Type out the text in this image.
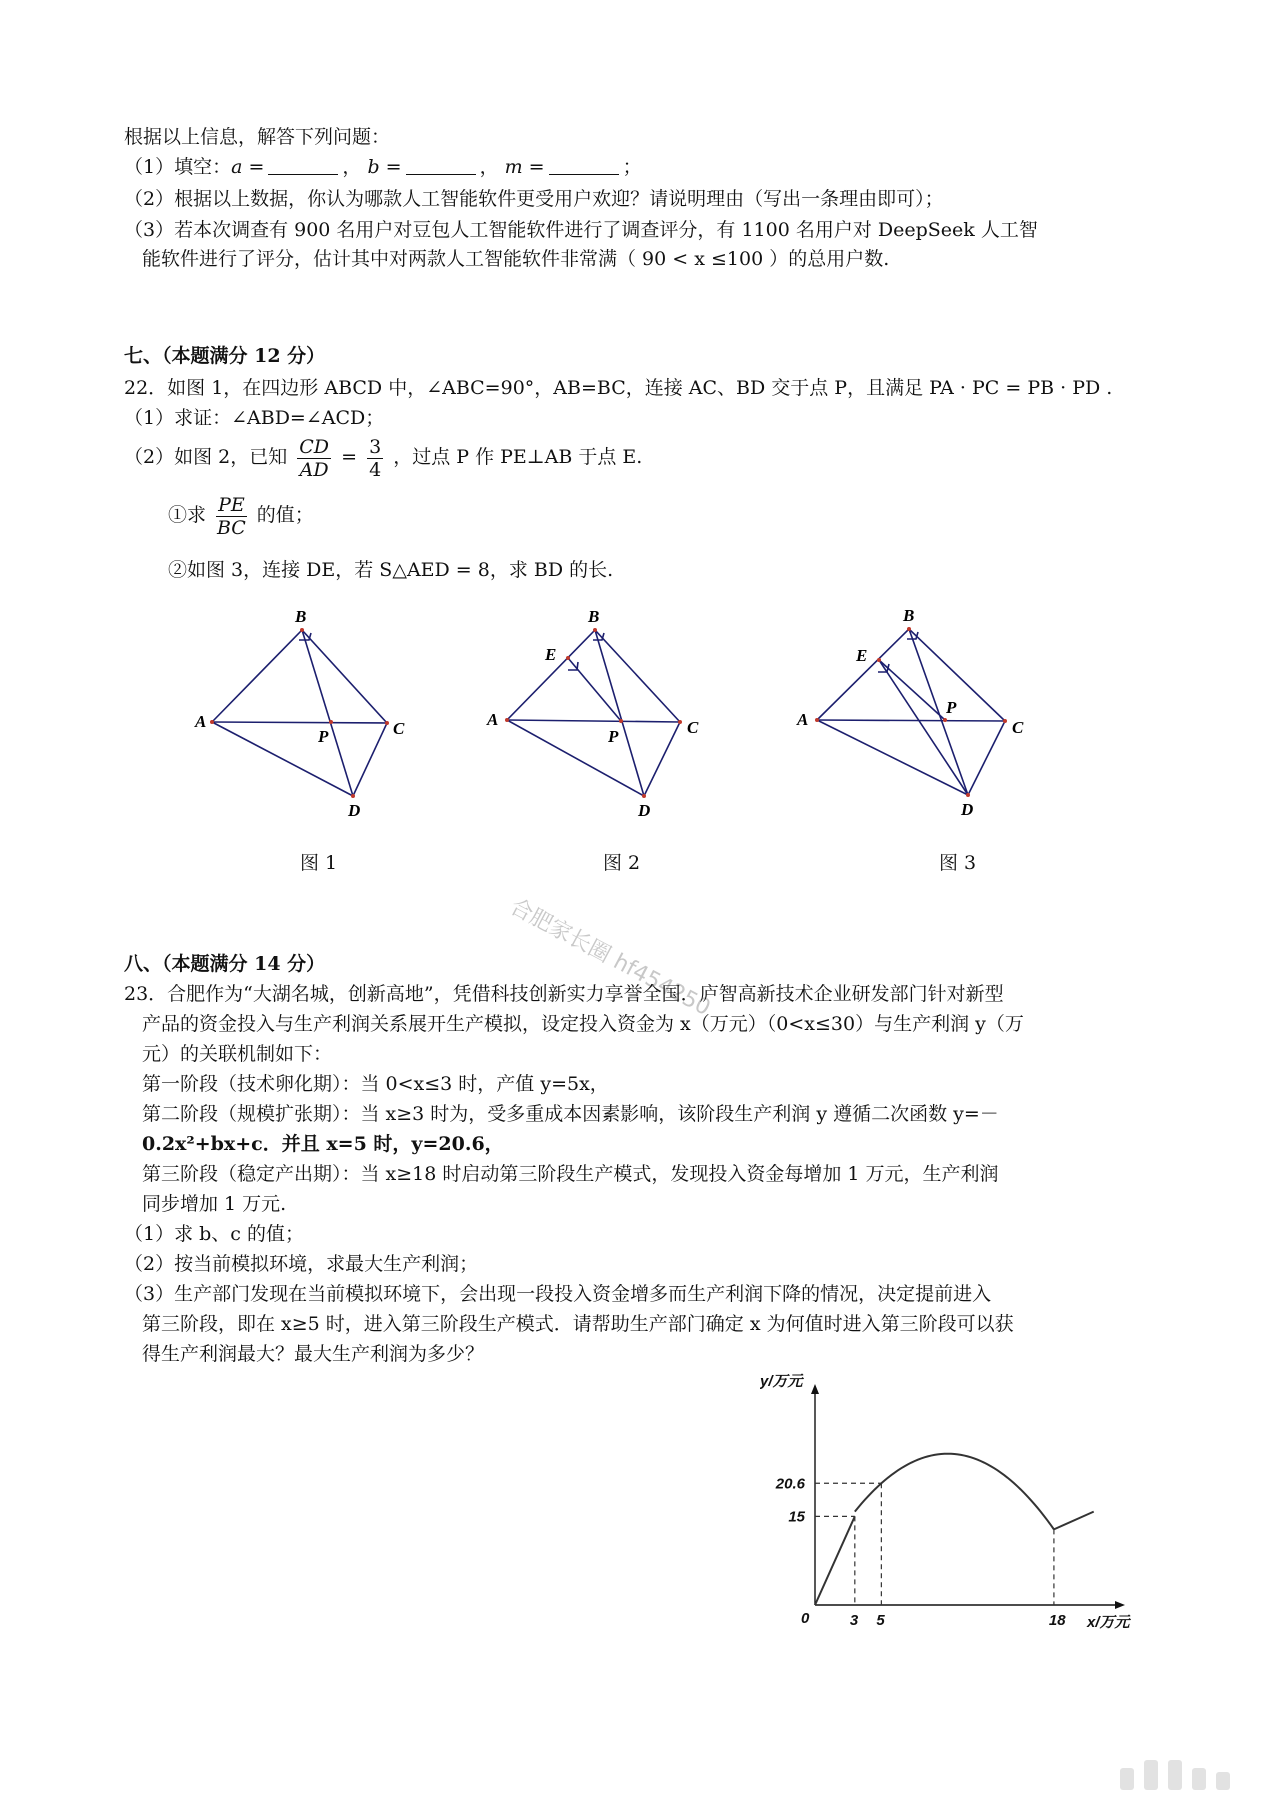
根据以上信息，解答下列问题：
（1）填空：a =	， b =	， m =	；
（2）根据以上数据，你认为哪款人工智能软件更受用户欢迎？请说明理由（写出一条理由即可）；
（3）若本次调查有 900 名用户对豆包人工智能软件进行了调查评分，有 1100 名用户对 DeepSeek 人工智
能软件进行了评分，估计其中对两款人工智能软件非常满（ 90 < x ≤100 ）的总用户数.
七、（本题满分 12 分）
22．如图 1，在四边形 ABCD 中，∠ABC=90°，AB=BC，连接 AC、BD 交于点 P，且满足 PA · PC = PB · PD .
（1）求证：∠ABD=∠ACD；
（2）如图 2，已知 $\frac{CD}{AD} = \frac{3}{4}$ ，过点 P 作 PE⊥AB 于点 E.
①求 $\frac{PE}{BC}$ 的值；
②如图 3，连接 DE，若 S△AED = 8，求 BD 的长.
B
A	C
P
D
图 1
B
E
A	C
P
D
图 2
B
E
A	C
P
D
图 3
合肥家长圈 hf454250
八、（本题满分 14 分）
23．合肥作为“大湖名城，创新高地”，凭借科技创新实力享誉全国．庐智高新技术企业研发部门针对新型
产品的资金投入与生产利润关系展开生产模拟，设定投入资金为 x（万元）（0<x≤30）与生产利润 y（万
元）的关联机制如下：
第一阶段（技术卵化期）：当 0<x≤3 时，产值 y=5x，
第二阶段（规模扩张期）：当 x≥3 时为，受多重成本因素影响，该阶段生产利润 y 遵循二次函数 y=－
0.2x²+bx+c．并且 x=5 时，y=20.6，
第三阶段（稳定产出期）：当 x≥18 时启动第三阶段生产模式，发现投入资金每增加 1 万元，生产利润
同步增加 1 万元.
（1）求 b、c 的值；
（2）按当前模拟环境，求最大生产利润；
（3）生产部门发现在当前模拟环境下，会出现一段投入资金增多而生产利润下降的情况，决定提前进入
第三阶段，即在 x≥5 时，进入第三阶段生产模式．请帮助生产部门确定 x 为何值时进入第三阶段可以获
得生产利润最大？最大生产利润为多少？
3 5	18
15
20.6
0
y/万元
x/万元
